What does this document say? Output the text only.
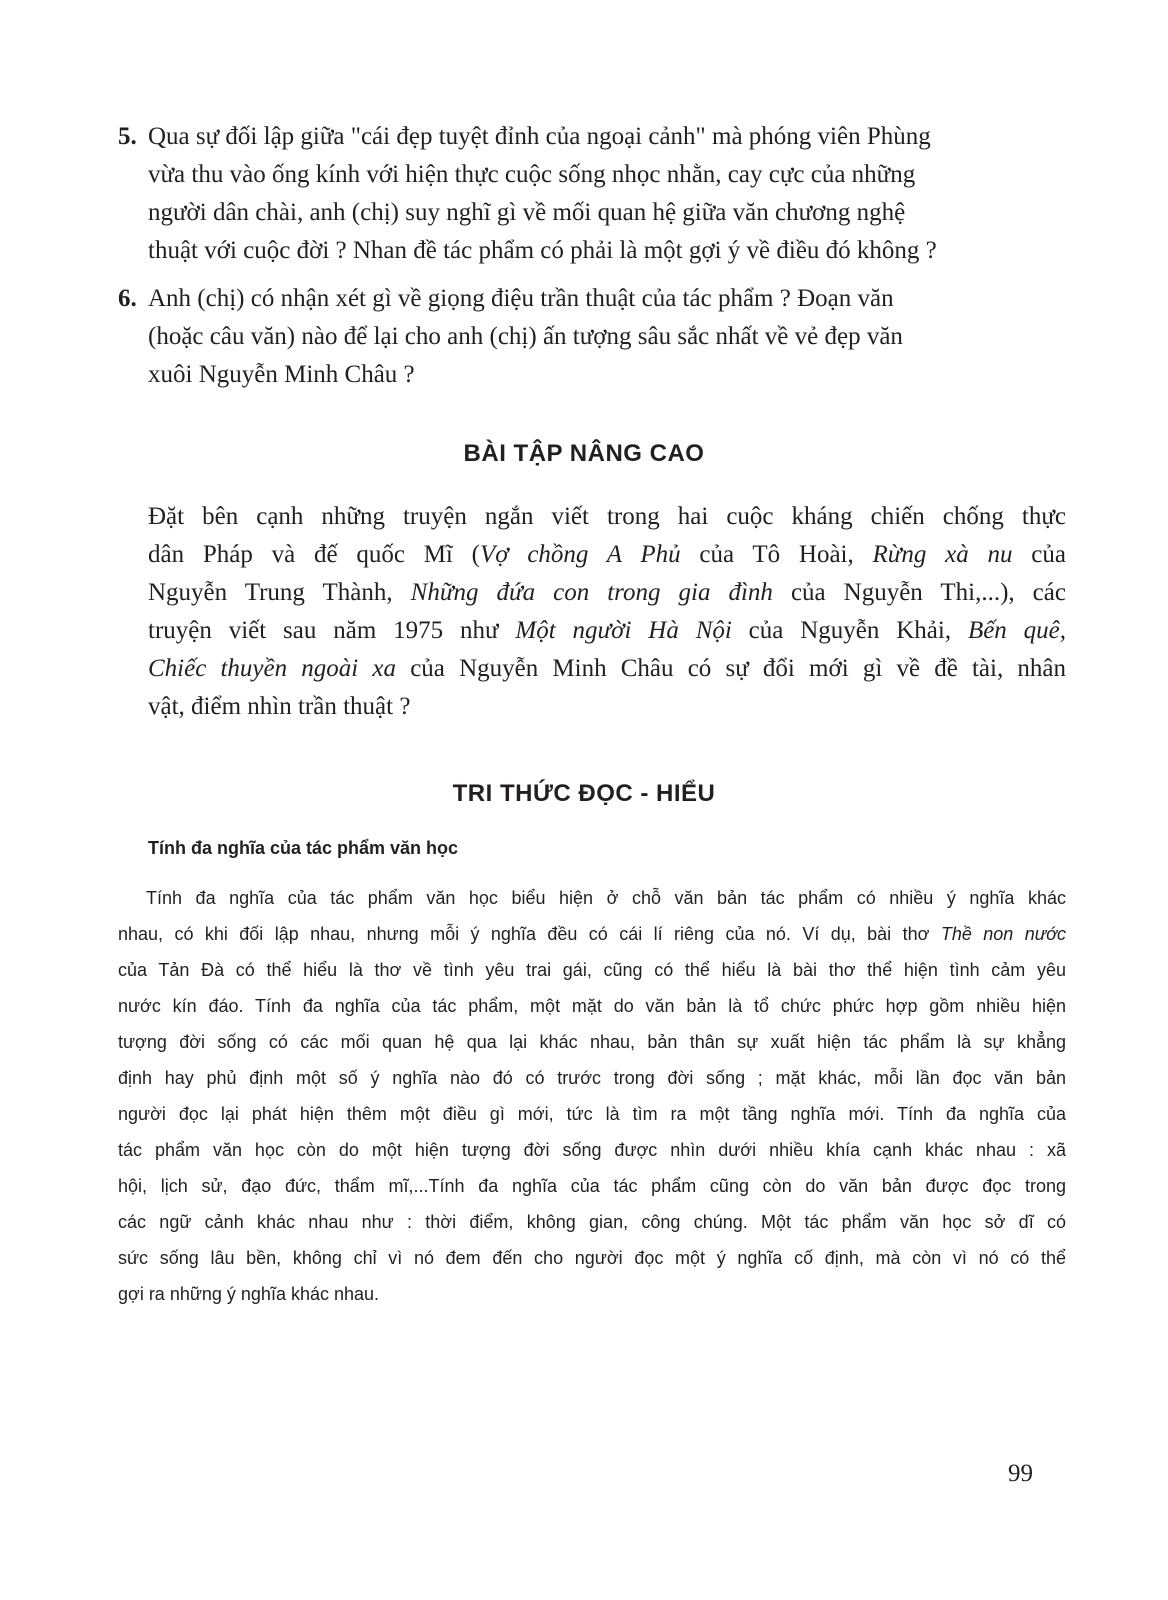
5. Qua sự đối lập giữa "cái đẹp tuyệt đỉnh của ngoại cảnh" mà phóng viên Phùng
vừa thu vào ống kính với hiện thực cuộc sống nhọc nhằn, cay cực của những
người dân chài, anh (chị) suy nghĩ gì về mối quan hệ giữa văn chương nghệ
thuật với cuộc đời ? Nhan đề tác phẩm có phải là một gợi ý về điều đó không ?
6. Anh (chị) có nhận xét gì về giọng điệu trần thuật của tác phẩm ? Đoạn văn
(hoặc câu văn) nào để lại cho anh (chị) ấn tượng sâu sắc nhất về vẻ đẹp văn
xuôi Nguyễn Minh Châu ?
BÀI TẬP NÂNG CAO
Đặt bên cạnh những truyện ngắn viết trong hai cuộc kháng chiến chống thực
dân Pháp và đế quốc Mĩ (Vợ chồng A Phủ của Tô Hoài, Rừng xà nu của
Nguyễn Trung Thành, Những đứa con trong gia đình của Nguyễn Thi,...), các
truyện viết sau năm 1975 như Một người Hà Nội của Nguyễn Khải, Bến quê,
Chiếc thuyền ngoài xa của Nguyễn Minh Châu có sự đổi mới gì về đề tài, nhân
vật, điểm nhìn trần thuật ?
TRI THỨC ĐỌC - HIỂU
Tính đa nghĩa của tác phẩm văn học
Tính đa nghĩa của tác phẩm văn học biểu hiện ở chỗ văn bản tác phẩm có nhiều ý nghĩa khác
nhau, có khi đối lập nhau, nhưng mỗi ý nghĩa đều có cái lí riêng của nó. Ví dụ, bài thơ Thề non nước
của Tản Đà có thể hiểu là thơ về tình yêu trai gái, cũng có thể hiểu là bài thơ thể hiện tình cảm yêu
nước kín đáo. Tính đa nghĩa của tác phẩm, một mặt do văn bản là tổ chức phức hợp gồm nhiều hiện
tượng đời sống có các mối quan hệ qua lại khác nhau, bản thân sự xuất hiện tác phẩm là sự khẳng
định hay phủ định một số ý nghĩa nào đó có trước trong đời sống ; mặt khác, mỗi lần đọc văn bản
người đọc lại phát hiện thêm một điều gì mới, tức là tìm ra một tầng nghĩa mới. Tính đa nghĩa của
tác phẩm văn học còn do một hiện tượng đời sống được nhìn dưới nhiều khía cạnh khác nhau : xã
hội, lịch sử, đạo đức, thẩm mĩ,...Tính đa nghĩa của tác phẩm cũng còn do văn bản được đọc trong
các ngữ cảnh khác nhau như : thời điểm, không gian, công chúng. Một tác phẩm văn học sở dĩ có
sức sống lâu bền, không chỉ vì nó đem đến cho người đọc một ý nghĩa cố định, mà còn vì nó có thể
gợi ra những ý nghĩa khác nhau.
99
